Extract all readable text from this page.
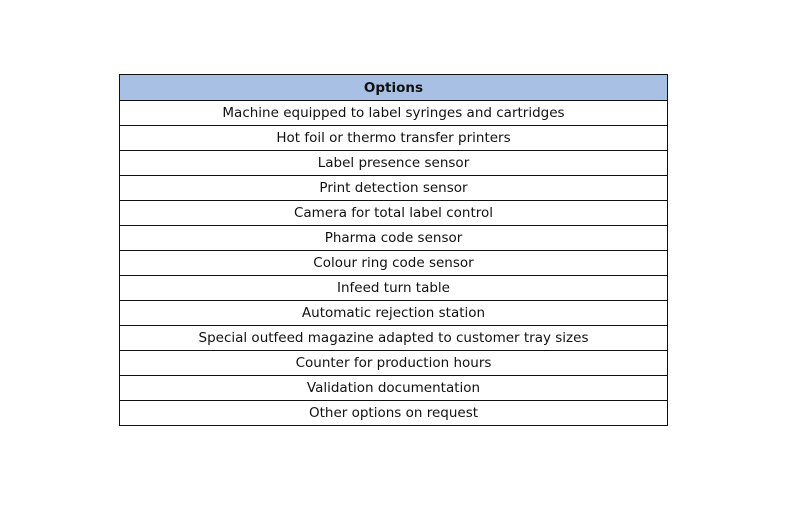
Options
Machine equipped to label syringes and cartridges
Hot foil or thermo transfer printers
Label presence sensor
Print detection sensor
Camera for total label control
Pharma code sensor
Colour ring code sensor
Infeed turn table
Automatic rejection station
Special outfeed magazine adapted to customer tray sizes
Counter for production hours
Validation documentation
Other options on request
